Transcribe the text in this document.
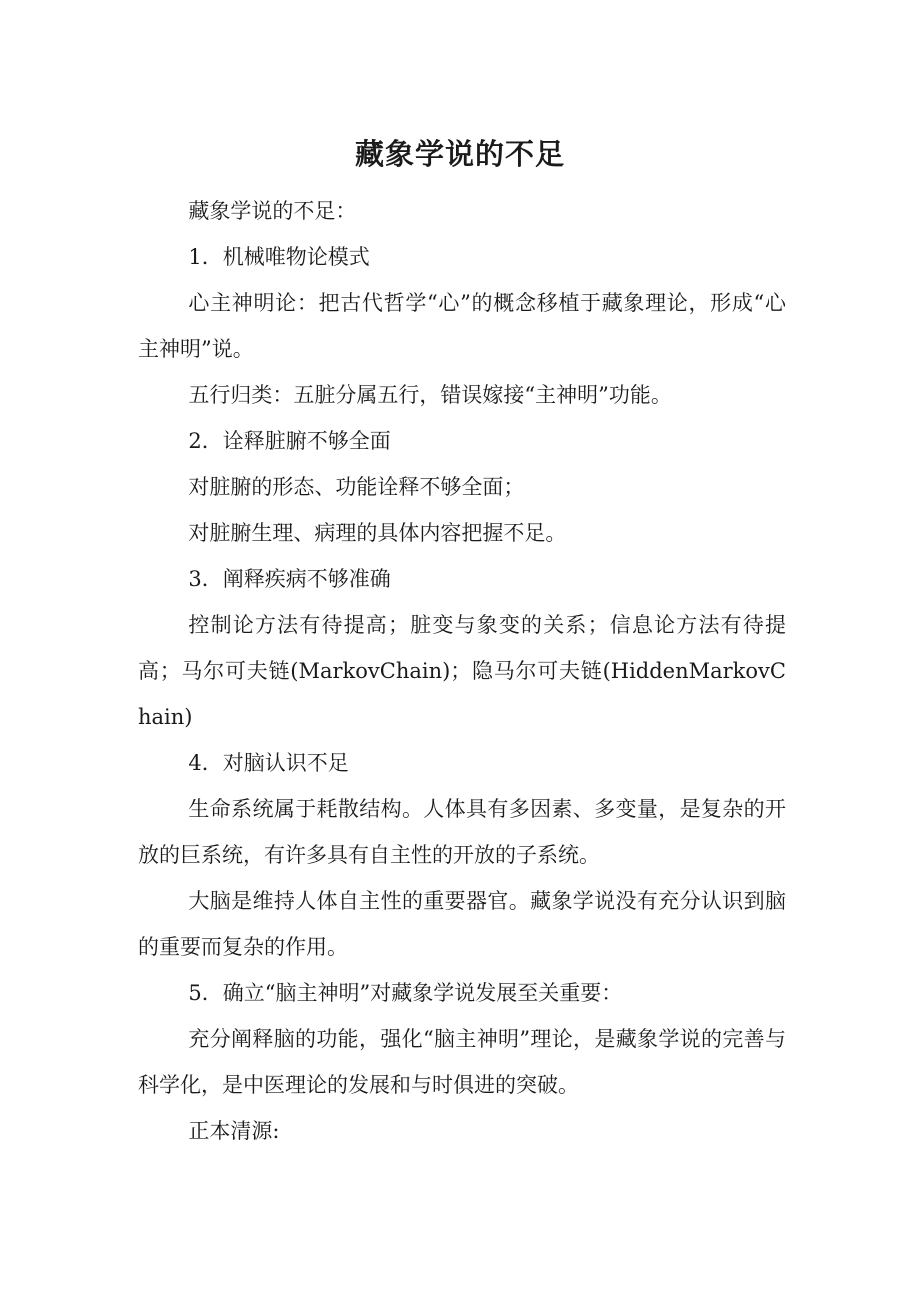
藏象学说的不足

藏象学说的不足：

1．机械唯物论模式

心主神明论：把古代哲学“心”的概念移植于藏象理论，形成“心主神明”说。

五行归类：五脏分属五行，错误嫁接“主神明”功能。

2．诠释脏腑不够全面

对脏腑的形态、功能诠释不够全面；

对脏腑生理、病理的具体内容把握不足。

3．阐释疾病不够准确

控制论方法有待提高；脏变与象变的关系；信息论方法有待提高；马尔可夫链(MarkovChain)；隐马尔可夫链(HiddenMarkovChain)

4．对脑认识不足

生命系统属于耗散结构。人体具有多因素、多变量，是复杂的开放的巨系统，有许多具有自主性的开放的子系统。

大脑是维持人体自主性的重要器官。藏象学说没有充分认识到脑的重要而复杂的作用。

5．确立“脑主神明”对藏象学说发展至关重要：

充分阐释脑的功能，强化“脑主神明”理论，是藏象学说的完善与科学化，是中医理论的发展和与时俱进的突破。

正本清源:
